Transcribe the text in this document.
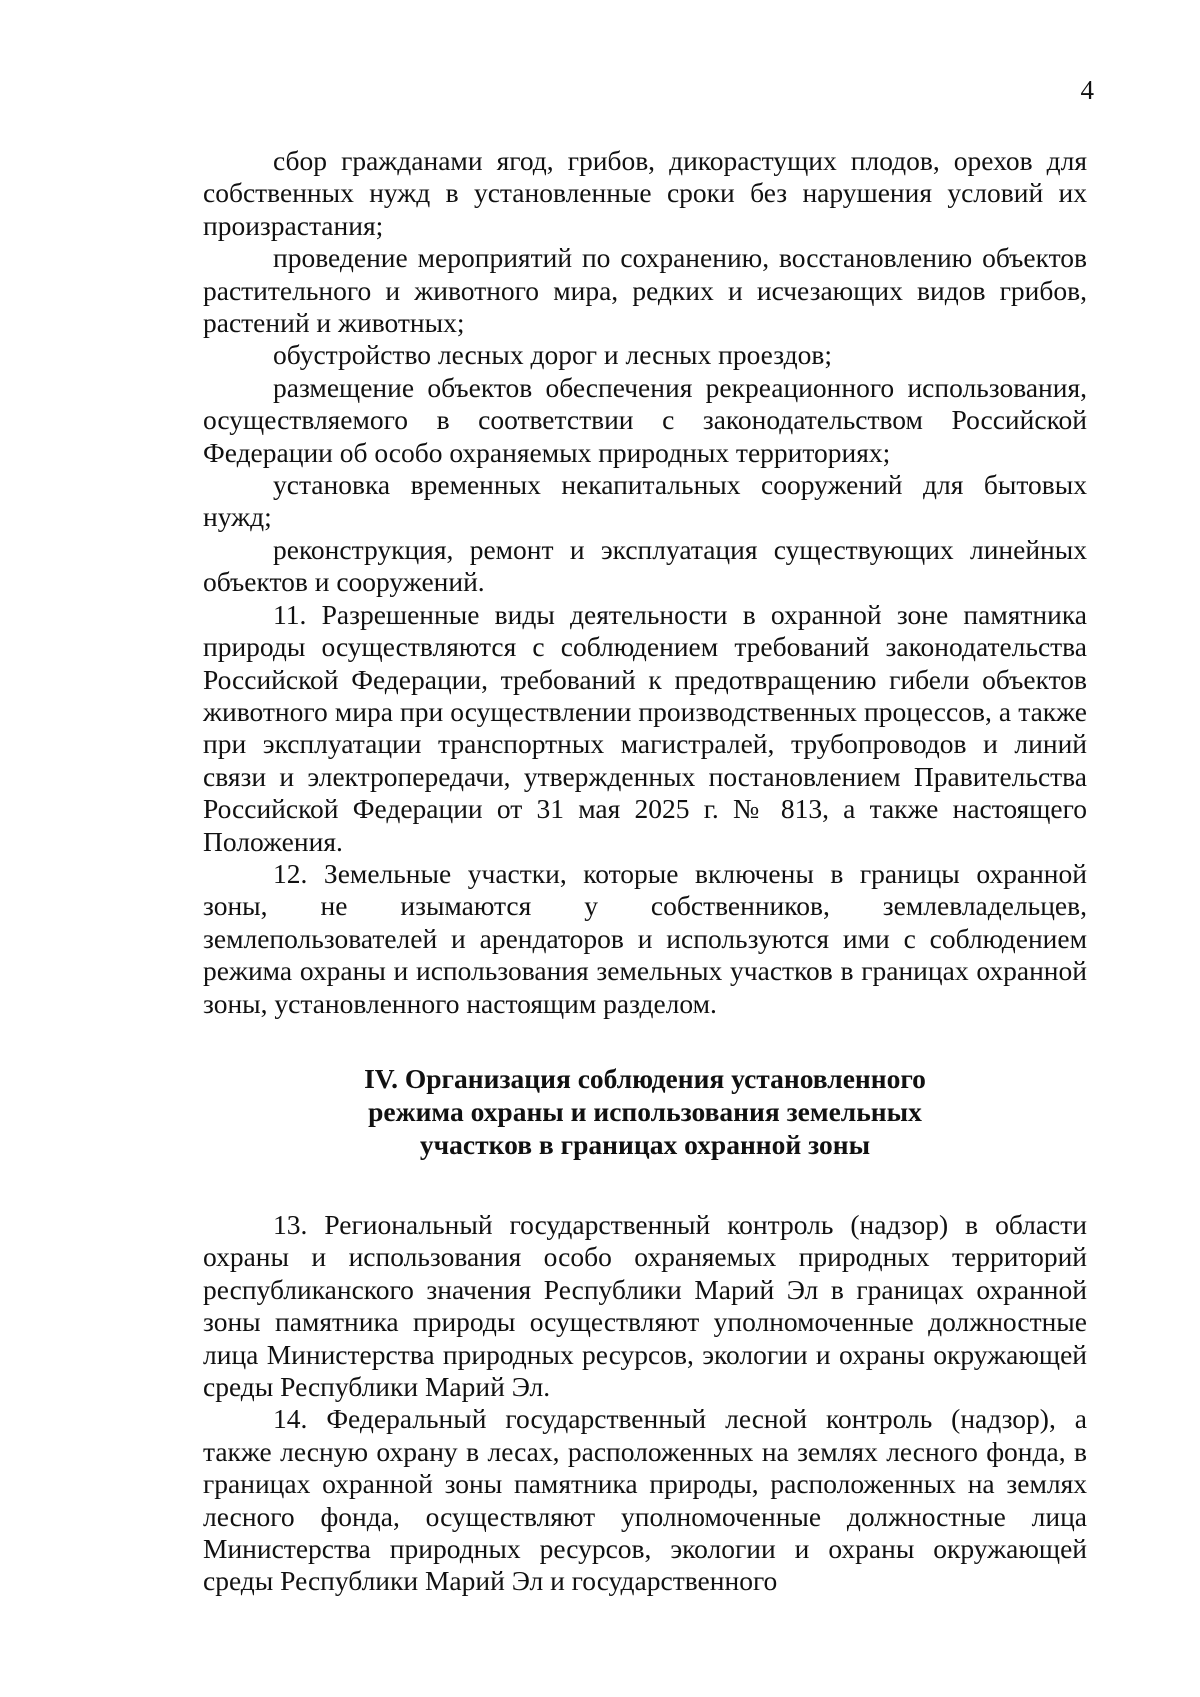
4

сбор гражданами ягод, грибов, дикорастущих плодов, орехов для собственных нужд в установленные сроки без нарушения условий их произрастания;

проведение мероприятий по сохранению, восстановлению объектов растительного и животного мира, редких и исчезающих видов грибов, растений и животных;

обустройство лесных дорог и лесных проездов;

размещение объектов обеспечения рекреационного использования, осуществляемого в соответствии с законодательством Российской Федерации об особо охраняемых природных территориях;

установка временных некапитальных сооружений для бытовых нужд;

реконструкция, ремонт и эксплуатация существующих линейных объектов и сооружений.

11. Разрешенные виды деятельности в охранной зоне памятника природы осуществляются с соблюдением требований законодательства Российской Федерации, требований к предотвращению гибели объектов животного мира при осуществлении производственных процессов, а также при эксплуатации транспортных магистралей, трубопроводов и линий связи и электропередачи, утвержденных постановлением Правительства Российской Федерации от 31 мая 2025 г. № 813, а также настоящего Положения.

12. Земельные участки, которые включены в границы охранной зоны, не изымаются у собственников, землевладельцев, землепользователей и арендаторов и используются ими с соблюдением режима охраны и использования земельных участков в границах охранной зоны, установленного настоящим разделом.

IV. Организация соблюдения установленного
режима охраны и использования земельных
участков в границах охранной зоны

13. Региональный государственный контроль (надзор) в области охраны и использования особо охраняемых природных территорий республиканского значения Республики Марий Эл в границах охранной зоны памятника природы осуществляют уполномоченные должностные лица Министерства природных ресурсов, экологии и охраны окружающей среды Республики Марий Эл.

14. Федеральный государственный лесной контроль (надзор), а также лесную охрану в лесах, расположенных на землях лесного фонда, в границах охранной зоны памятника природы, расположенных на землях лесного фонда, осуществляют уполномоченные должностные лица Министерства природных ресурсов, экологии и охраны окружающей среды Республики Марий Эл и государственного
